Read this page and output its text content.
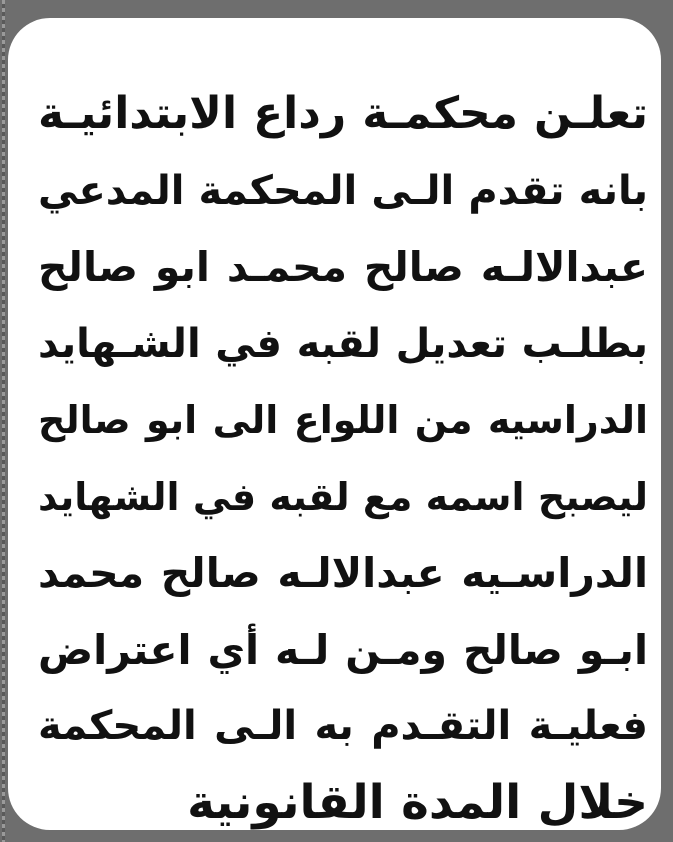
تعلـن محكمـة رداع الابتدائيـة
بانه تقدم الـى المحكمة المدعي
عبدالالـه صالح محمـد ابو صالح
بطلـب تعديل لقبه في الشـهايد
الدراسيه من اللواع الى ابو صالح
ليصبح اسمه مع لقبه في الشهايد
الدراسـيه عبدالالـه صالح محمد
ابـو صالح ومـن لـه أي اعتراض
فعليـة التقـدم به الـى المحكمة
خلال المدة القانونية
